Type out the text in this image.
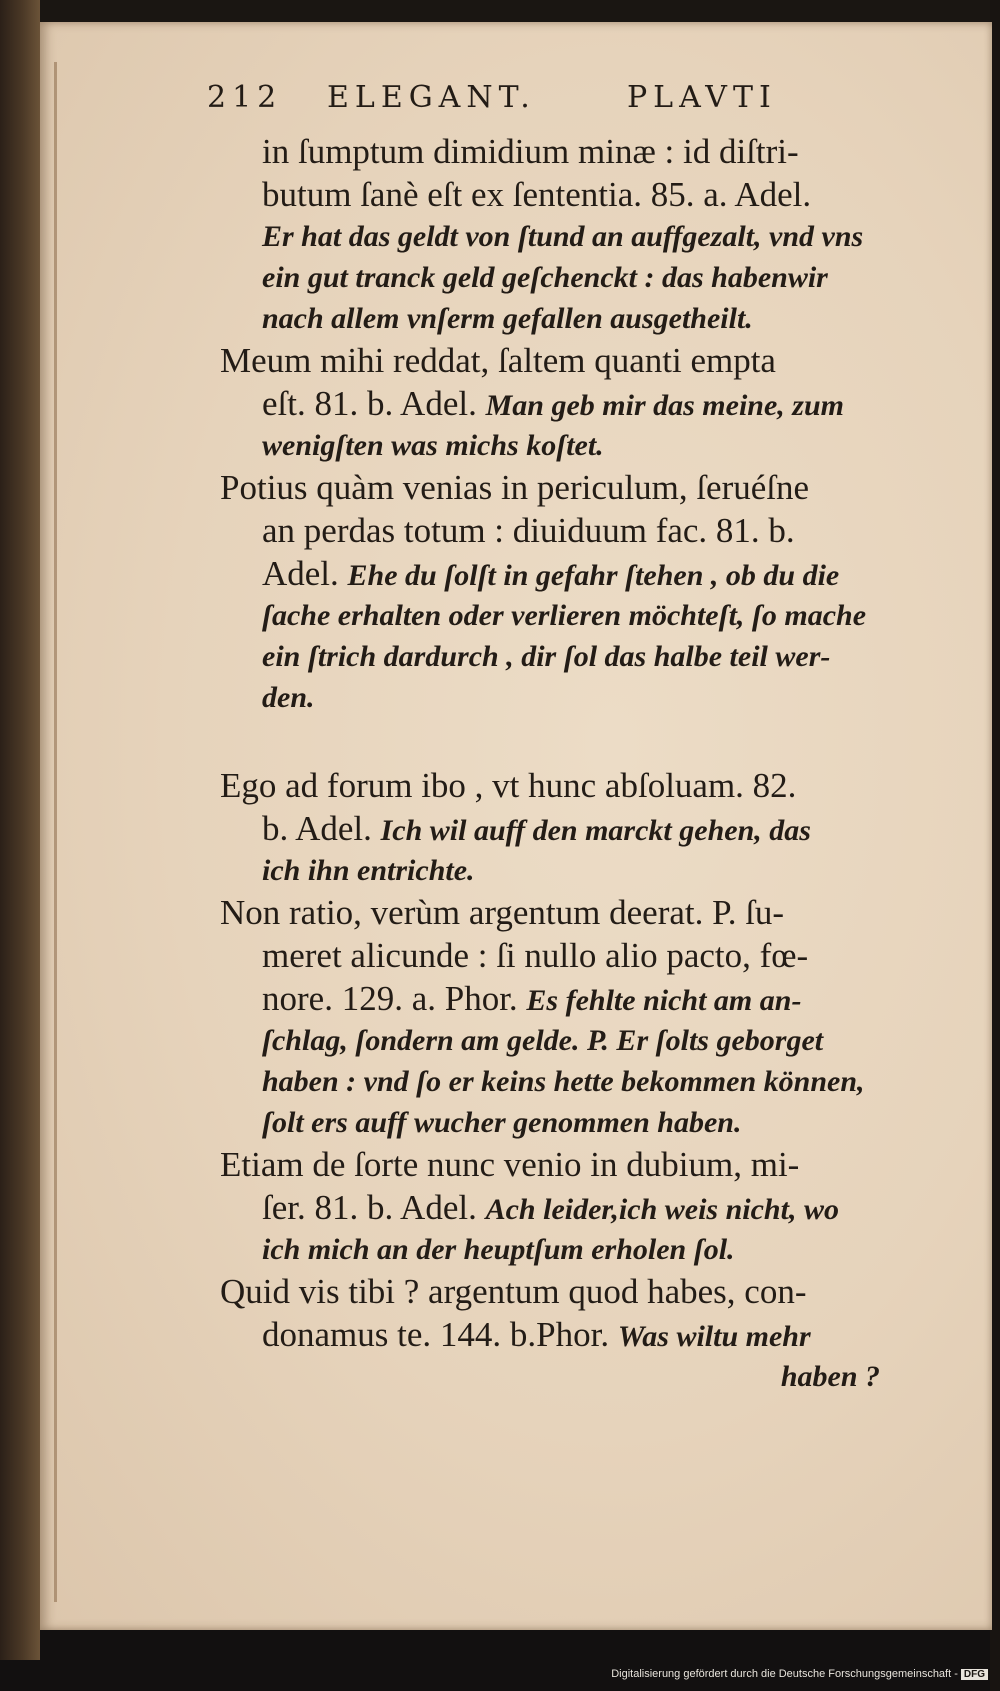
212 ELEGANT.	PLAVTI
in ſumptum dimidium minæ : id diſtri-
butum ſanè eſt ex ſententia. 85. a. Adel.
Er hat das geldt von ſtund an auffgezalt, vnd vns
ein gut tranck geld geſchenckt : das habenwir
nach allem vnſerm gefallen ausgetheilt.
Meum mihi reddat, ſaltem quanti empta
eſt. 81. b. Adel. Man geb mir das meine, zum
wenigſten was michs koſtet.
Potius quàm venias in periculum, ſeruéſne
an perdas totum : diuiduum fac. 81. b.
Adel. Ehe du ſolſt in gefahr ſtehen , ob du die
ſache erhalten oder verlieren möchteſt, ſo mache
ein ſtrich dardurch , dir ſol das halbe teil wer-
den.
Ego ad forum ibo , vt hunc abſoluam. 82.
b. Adel. Ich wil auff den marckt gehen, das
ich ihn entrichte.
Non ratio, verùm argentum deerat. P. ſu-
meret alicunde : ſi nullo alio pacto, fœ-
nore. 129. a. Phor. Es fehlte nicht am an-
ſchlag, ſondern am gelde. P. Er ſolts geborget
haben : vnd ſo er keins hette bekommen können,
ſolt ers auff wucher genommen haben.
Etiam de ſorte nunc venio in dubium, mi-
ſer. 81. b. Adel. Ach leider,ich weis nicht, wo
ich mich an der heuptſum erholen ſol.
Quid vis tibi ? argentum quod habes, con-
donamus te. 144. b.Phor. Was wiltu mehr
haben ?
Digitalisierung gefördert durch die Deutsche Forschungsgemeinschaft - DFG
